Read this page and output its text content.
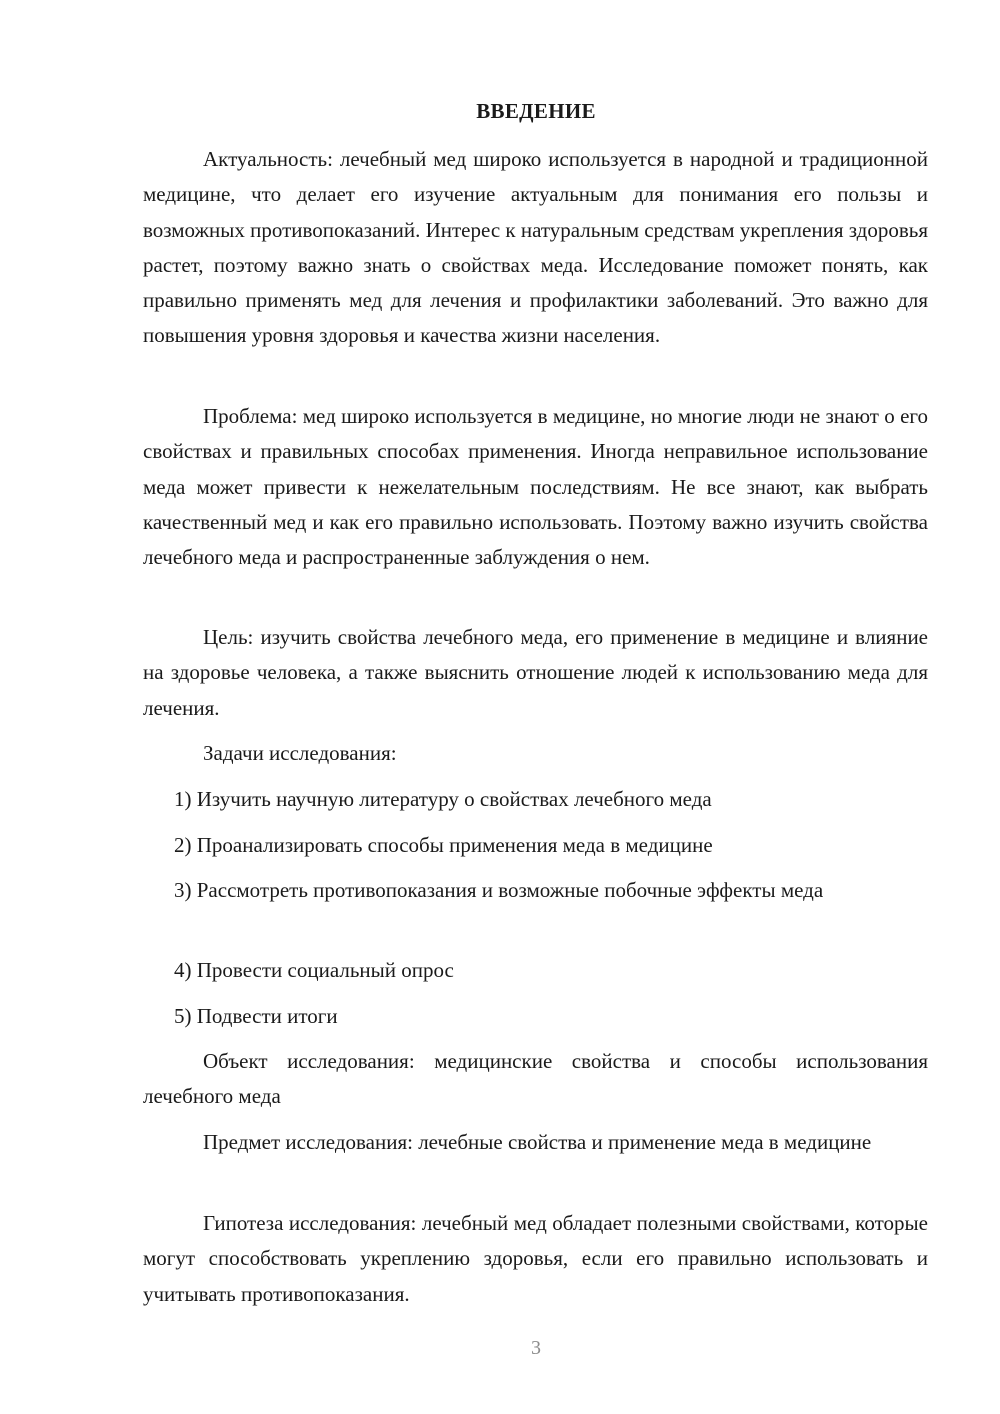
ВВЕДЕНИЕ

Актуальность: лечебный мед широко используется в народной и традиционной медицине, что делает его изучение актуальным для понимания его пользы и возможных противопоказаний. Интерес к натуральным средствам укрепления здоровья растет, поэтому важно знать о свойствах меда. Исследование поможет понять, как правильно применять мед для лечения и профилактики заболеваний. Это важно для повышения уровня здоровья и качества жизни населения.

Проблема: мед широко используется в медицине, но многие люди не знают о его свойствах и правильных способах применения. Иногда неправильное использование меда может привести к нежелательным последствиям. Не все знают, как выбрать качественный мед и как его правильно использовать. Поэтому важно изучить свойства лечебного меда и распространенные заблуждения о нем.

Цель: изучить свойства лечебного меда, его применение в медицине и влияние на здоровье человека, а также выяснить отношение людей к использованию меда для лечения.

Задачи исследования:

1) Изучить научную литературу о свойствах лечебного меда

2) Проанализировать способы применения меда в медицине

3) Рассмотреть противопоказания и возможные побочные эффекты меда

4) Провести социальный опрос

5) Подвести итоги

Объект исследования: медицинские свойства и способы использования лечебного меда

Предмет исследования: лечебные свойства и применение меда в медицине

Гипотеза исследования: лечебный мед обладает полезными свойствами, которые могут способствовать укреплению здоровья, если его правильно использовать и учитывать противопоказания.

3
